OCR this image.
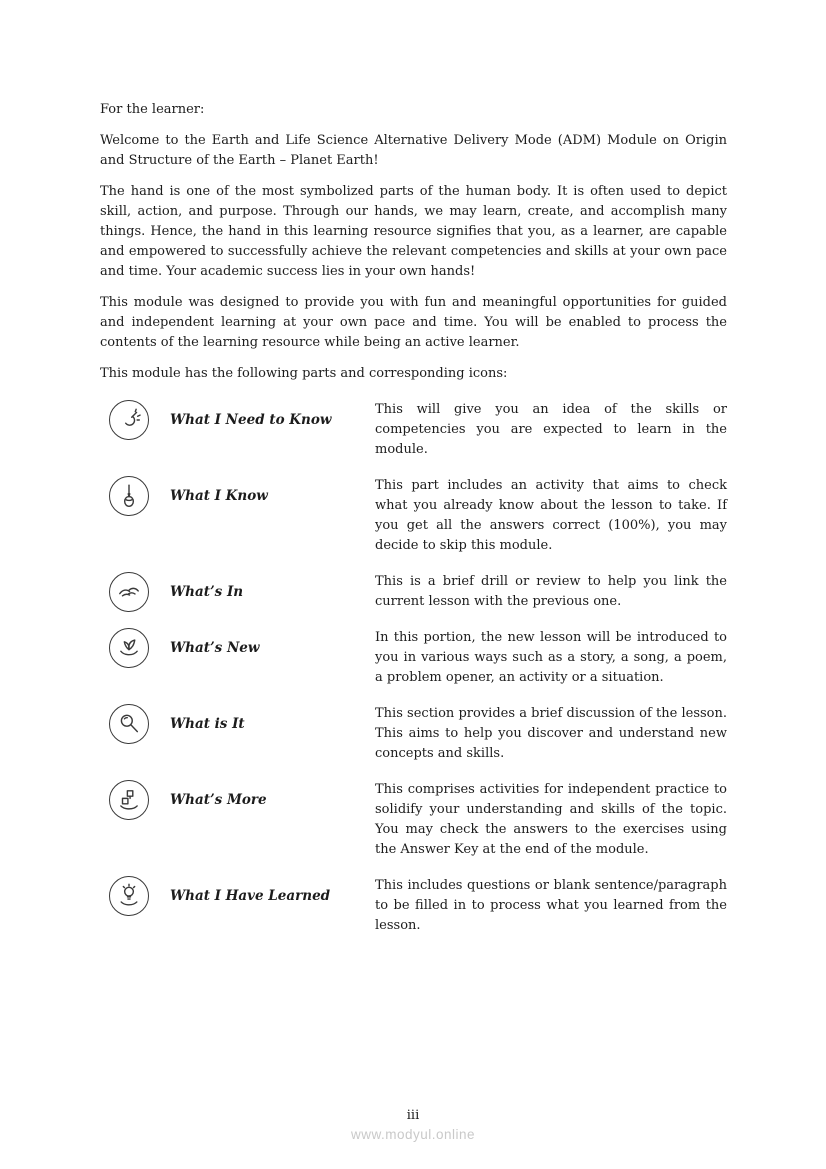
For the learner:

Welcome to the Earth and Life Science Alternative Delivery Mode (ADM) Module on Origin and Structure of the Earth – Planet Earth!

The hand is one of the most symbolized parts of the human body. It is often used to depict skill, action, and purpose. Through our hands, we may learn, create, and accomplish many things. Hence, the hand in this learning resource signifies that you, as a learner, are capable and empowered to successfully achieve the relevant competencies and skills at your own pace and time. Your academic success lies in your own hands!

This module was designed to provide you with fun and meaningful opportunities for guided and independent learning at your own pace and time. You will be enabled to process the contents of the learning resource while being an active learner.

This module has the following parts and corresponding icons:

What I Need to Know
This will give you an idea of the skills or competencies you are expected to learn in the module.
What I Know
This part includes an activity that aims to check what you already know about the lesson to take. If you get all the answers correct (100%), you may decide to skip this module.
What’s In
This is a brief drill or review to help you link the current lesson with the previous one.
What’s New
In this portion, the new lesson will be introduced to you in various ways such as a story, a song, a poem, a problem opener, an activity or a situation.
What is It
This section provides a brief discussion of the lesson. This aims to help you discover and understand new concepts and skills.
What’s More
This comprises activities for independent practice to solidify your understanding and skills of the topic. You may check the answers to the exercises using the Answer Key at the end of the module.
What I Have Learned
This includes questions or blank sentence/paragraph to be filled in to process what you learned from the lesson.
iii
www.modyul.online
